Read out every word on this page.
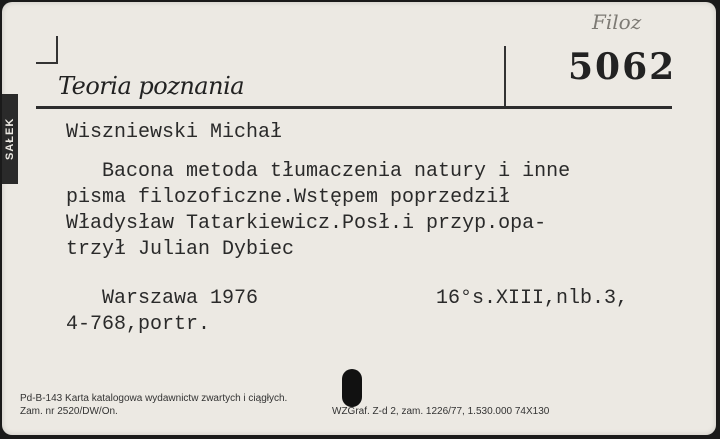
SAŁEK
Filoz
Teoria poznania	5062
Wiszniewski Michał
Bacona metoda tłumaczenia natury i inne
pisma filozoficzne.Wstępem poprzedził
Władysław Tatarkiewicz.Posł.i przyp.opa-
trzył Julian Dybiec
Warszawa 1976	16°s.XIII,nlb.3,
4-768,portr.
Pd-B-143 Karta katalogowa wydawnictw zwartych i ciągłych.
Zam. nr 2520/DW/On.	WZGraf. Z-d 2, zam. 1226/77, 1.530.000 74X130
